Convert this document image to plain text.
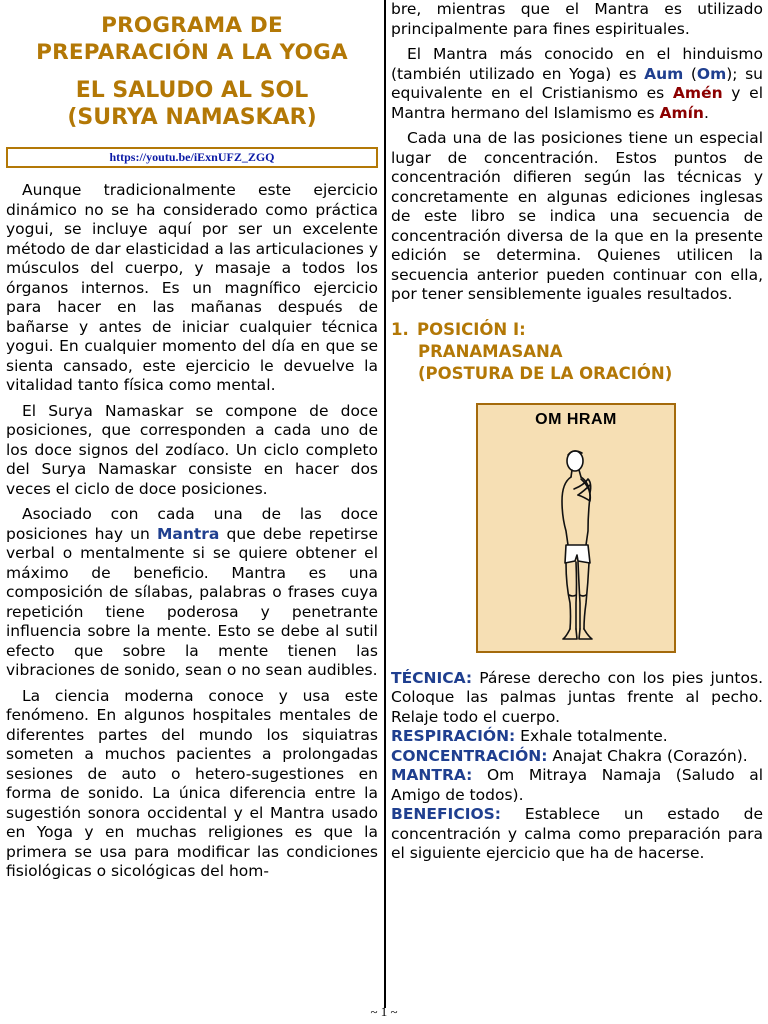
PROGRAMA DE
PREPARACIÓN A LA YOGA
EL SALUDO AL SOL
(SURYA NAMASKAR)
https://youtu.be/iExnUFZ_ZGQ

Aunque tradicionalmente este ejercicio dinámico no se ha considerado como práctica yogui, se incluye aquí por ser un excelente método de dar elasticidad a las articulaciones y músculos del cuerpo, y masaje a todos los órganos internos. Es un magnífico ejercicio para hacer en las mañanas después de bañarse y antes de iniciar cualquier técnica yogui. En cualquier momento del día en que se sienta cansado, este ejercicio le devuelve la vitalidad tanto física como mental.

El Surya Namaskar se compone de doce posiciones, que corresponden a cada uno de los doce signos del zodíaco. Un ciclo completo del Surya Namaskar consiste en hacer dos veces el ciclo de doce posiciones.

Asociado con cada una de las doce posiciones hay un Mantra que debe repetirse verbal o mentalmente si se quiere obtener el máximo de beneficio. Mantra es una composición de sílabas, palabras o frases cuya repetición tiene poderosa y penetrante influencia sobre la mente. Esto se debe al sutil efecto que sobre la mente tienen las vibraciones de sonido, sean o no sean audibles.

La ciencia moderna conoce y usa este fenómeno. En algunos hospitales mentales de diferentes partes del mundo los siquiatras someten a muchos pacientes a prolongadas sesiones de auto o hetero-sugestiones en forma de sonido. La única diferencia entre la sugestión sonora occidental y el Mantra usado en Yoga y en muchas religiones es que la primera se usa para modificar las condiciones fisiológicas o sicológicas del hom-

bre, mientras que el Mantra es utilizado principalmente para fines espirituales.

El Mantra más conocido en el hinduismo (también utilizado en Yoga) es Aum (Om); su equivalente en el Cristianismo es Amén y el Mantra hermano del Islamismo es Amín.

Cada una de las posiciones tiene un especial lugar de concentración. Estos puntos de concentración difieren según las técnicas y concretamente en algunas ediciones inglesas de este libro se indica una secuencia de concentración diversa de la que en la presente edición se determina. Quienes utilicen la secuencia anterior pueden continuar con ella, por tener sensiblemente iguales resultados.

1. POSICIÓN I:
PRANAMASANA
(POSTURA DE LA ORACIÓN)
OM HRAM

TÉCNICA: Párese derecho con los pies juntos. Coloque las palmas juntas frente al pecho. Relaje todo el cuerpo.

RESPIRACIÓN: Exhale totalmente.

CONCENTRACIÓN: Anajat Chakra (Corazón).

MANTRA: Om Mitraya Namaja (Saludo al Amigo de todos).

BENEFICIOS: Establece un estado de concentración y calma como preparación para el siguiente ejercicio que ha de hacerse.

~ 1 ~
